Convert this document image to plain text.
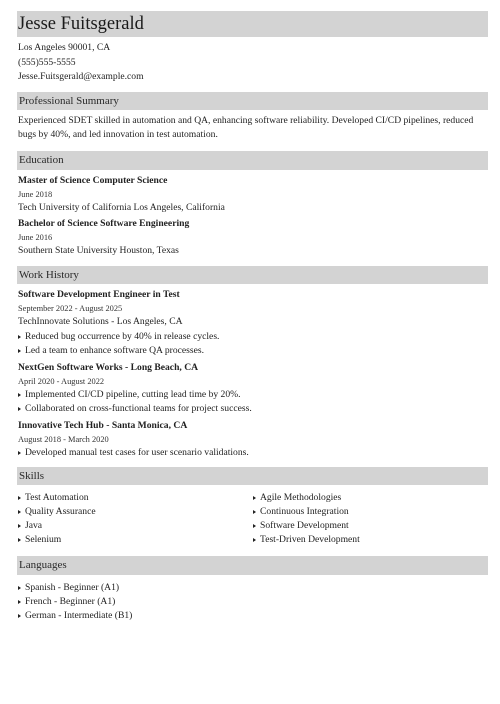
Jesse Fuitsgerald
Los Angeles 90001, CA
(555)555-5555
Jesse.Fuitsgerald@example.com
Professional Summary
Experienced SDET skilled in automation and QA, enhancing software reliability. Developed CI/CD pipelines, reduced bugs by 40%, and led innovation in test automation.
Education
Master of Science Computer Science
June 2018
Tech University of California Los Angeles, California
Bachelor of Science Software Engineering
June 2016
Southern State University Houston, Texas
Work History
Software Development Engineer in Test
September 2022 - August 2025
TechInnovate Solutions - Los Angeles, CA
Reduced bug occurrence by 40% in release cycles.
Led a team to enhance software QA processes.
NextGen Software Works - Long Beach, CA
April 2020 - August 2022
Implemented CI/CD pipeline, cutting lead time by 20%.
Collaborated on cross-functional teams for project success.
Innovative Tech Hub - Santa Monica, CA
August 2018 - March 2020
Developed manual test cases for user scenario validations.
Skills
Test Automation
Quality Assurance
Java
Selenium
Agile Methodologies
Continuous Integration
Software Development
Test-Driven Development
Languages
Spanish - Beginner (A1)
French - Beginner (A1)
German - Intermediate (B1)
